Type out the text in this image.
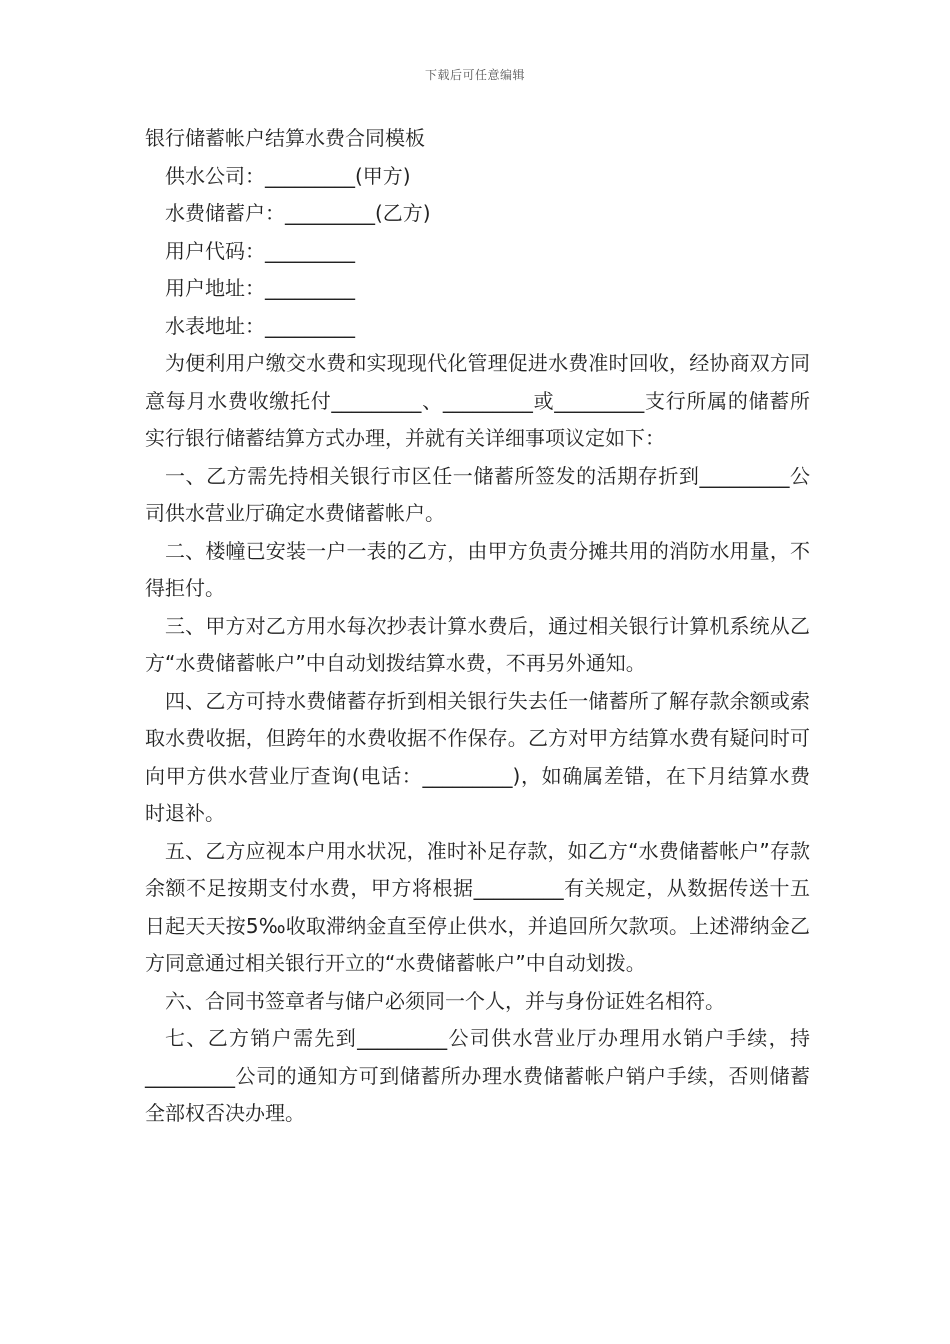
下载后可任意编辑
银行储蓄帐户结算水费合同模板
供水公司：_________(甲方)
水费储蓄户：_________(乙方)
用户代码：_________
用户地址：_________
水表地址：_________

为便利用户缴交水费和实现现代化管理促进水费准时回收，经协商双方同意每月水费收缴托付_________、_________或_________支行所属的储蓄所实行银行储蓄结算方式办理，并就有关详细事项议定如下：

一、乙方需先持相关银行市区任一储蓄所签发的活期存折到_________公司供水营业厅确定水费储蓄帐户。

二、楼幢已安装一户一表的乙方，由甲方负责分摊共用的消防水用量，不得拒付。

三、甲方对乙方用水每次抄表计算水费后，通过相关银行计算机系统从乙方“水费储蓄帐户”中自动划拨结算水费，不再另外通知。

四、乙方可持水费储蓄存折到相关银行失去任一储蓄所了解存款余额或索取水费收据，但跨年的水费收据不作保存。乙方对甲方结算水费有疑问时可向甲方供水营业厅查询(电话：_________)，如确属差错，在下月结算水费时退补。

五、乙方应视本户用水状况，准时补足存款，如乙方“水费储蓄帐户”存款余额不足按期支付水费，甲方将根据_________有关规定，从数据传送十五日起天天按5‰收取滞纳金直至停止供水，并追回所欠款项。上述滞纳金乙方同意通过相关银行开立的“水费储蓄帐户”中自动划拨。

六、合同书签章者与储户必须同一个人，并与身份证姓名相符。

七、乙方销户需先到_________公司供水营业厅办理用水销户手续，持_________公司的通知方可到储蓄所办理水费储蓄帐户销户手续，否则储蓄全部权否决办理。
